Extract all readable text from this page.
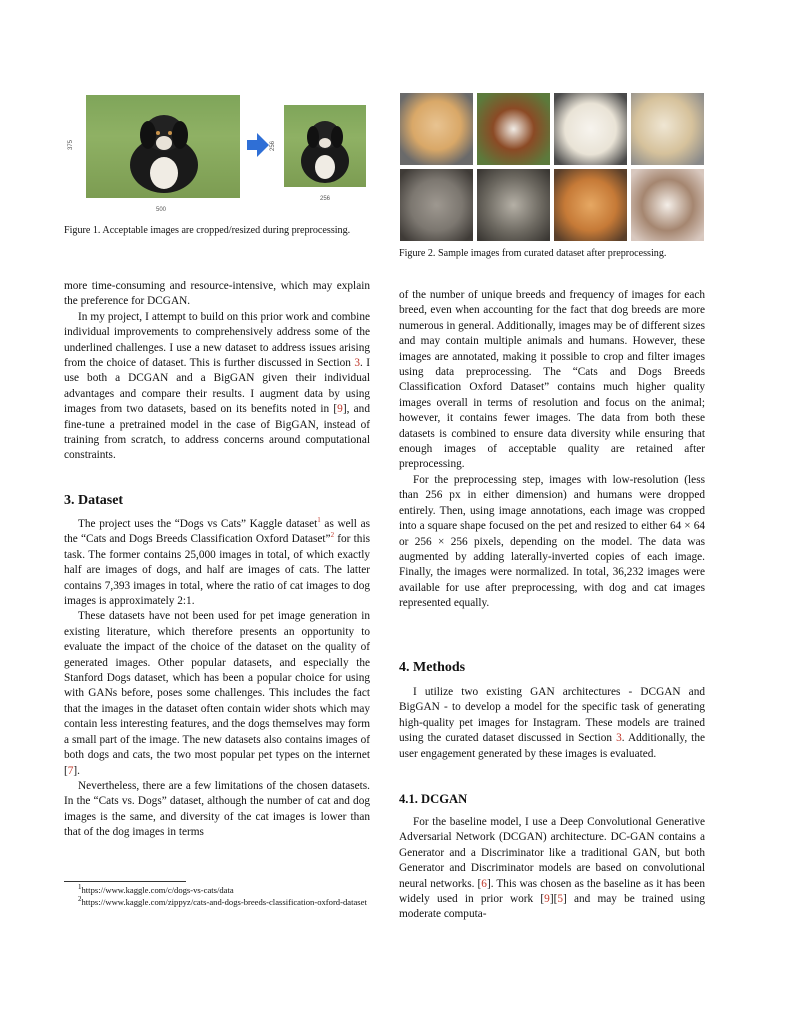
375
500
256
256
Figure 1. Acceptable images are cropped/resized during preprocessing.
Figure 2. Sample images from curated dataset after preprocessing.

more time-consuming and resource-intensive, which may explain the preference for DCGAN.

In my project, I attempt to build on this prior work and combine individual improvements to comprehensively address some of the underlined challenges. I use a new dataset to address issues arising from the choice of dataset. This is further discussed in Section 3. I use both a DCGAN and a BigGAN given their individual advantages and compare their results. I augment data by using images from two datasets, based on its benefits noted in [9], and fine-tune a pretrained model in the case of BigGAN, instead of training from scratch, to address concerns around computational constraints.

3. Dataset

The project uses the “Dogs vs Cats” Kaggle dataset$^1$ as well as the “Cats and Dogs Breeds Classification Oxford Dataset”$^2$ for this task. The former contains 25,000 images in total, of which exactly half are images of dogs, and half are images of cats. The latter contains 7,393 images in total, where the ratio of cat images to dog images is approximately 2:1.

These datasets have not been used for pet image generation in existing literature, which therefore presents an opportunity to evaluate the impact of the choice of the dataset on the quality of generated images. Other popular datasets, and especially the Stanford Dogs dataset, which has been a popular choice for using with GANs before, poses some challenges. This includes the fact that the images in the dataset often contain wider shots which may contain less interesting features, and the dogs themselves may form a small part of the image. The new datasets also contains images of both dogs and cats, the two most popular pet types on the internet [7].

Nevertheless, there are a few limitations of the chosen datasets. In the “Cats vs. Dogs” dataset, although the number of cat and dog images is the same, and diversity of the cat images is lower than that of the dog images in terms

$^1$https://www.kaggle.com/c/dogs-vs-cats/data
$^2$https://www.kaggle.com/zippyz/cats-and-dogs-breeds-classification-oxford-dataset

of the number of unique breeds and frequency of images for each breed, even when accounting for the fact that dog breeds are more numerous in general. Additionally, images may be of different sizes and may contain multiple animals and humans. However, these images are annotated, making it possible to crop and filter images using data preprocessing. The “Cats and Dogs Breeds Classification Oxford Dataset” contains much higher quality images overall in terms of resolution and focus on the animal; however, it contains fewer images. The data from both these datasets is combined to ensure data diversity while ensuring that enough images of acceptable quality are retained after preprocessing.

For the preprocessing step, images with low-resolution (less than 256 px in either dimension) and humans were dropped entirely. Then, using image annotations, each image was cropped into a square shape focused on the pet and resized to either 64 × 64 or 256 × 256 pixels, depending on the model. The data was augmented by adding laterally-inverted copies of each image. Finally, the images were normalized. In total, 36,232 images were available for use after preprocessing, with dog and cat images represented equally.

4. Methods

I utilize two existing GAN architectures - DCGAN and BigGAN - to develop a model for the specific task of generating high-quality pet images for Instagram. These models are trained using the curated dataset discussed in Section 3. Additionally, the user engagement generated by these images is evaluated.

4.1. DCGAN

For the baseline model, I use a Deep Convolutional Generative Adversarial Network (DCGAN) architecture. DC-GAN contains a Generator and a Discriminator like a traditional GAN, but both Generator and Discriminator models are based on convolutional neural networks. [6]. This was chosen as the baseline as it has been widely used in prior work [9][5] and may be trained using moderate computa-
